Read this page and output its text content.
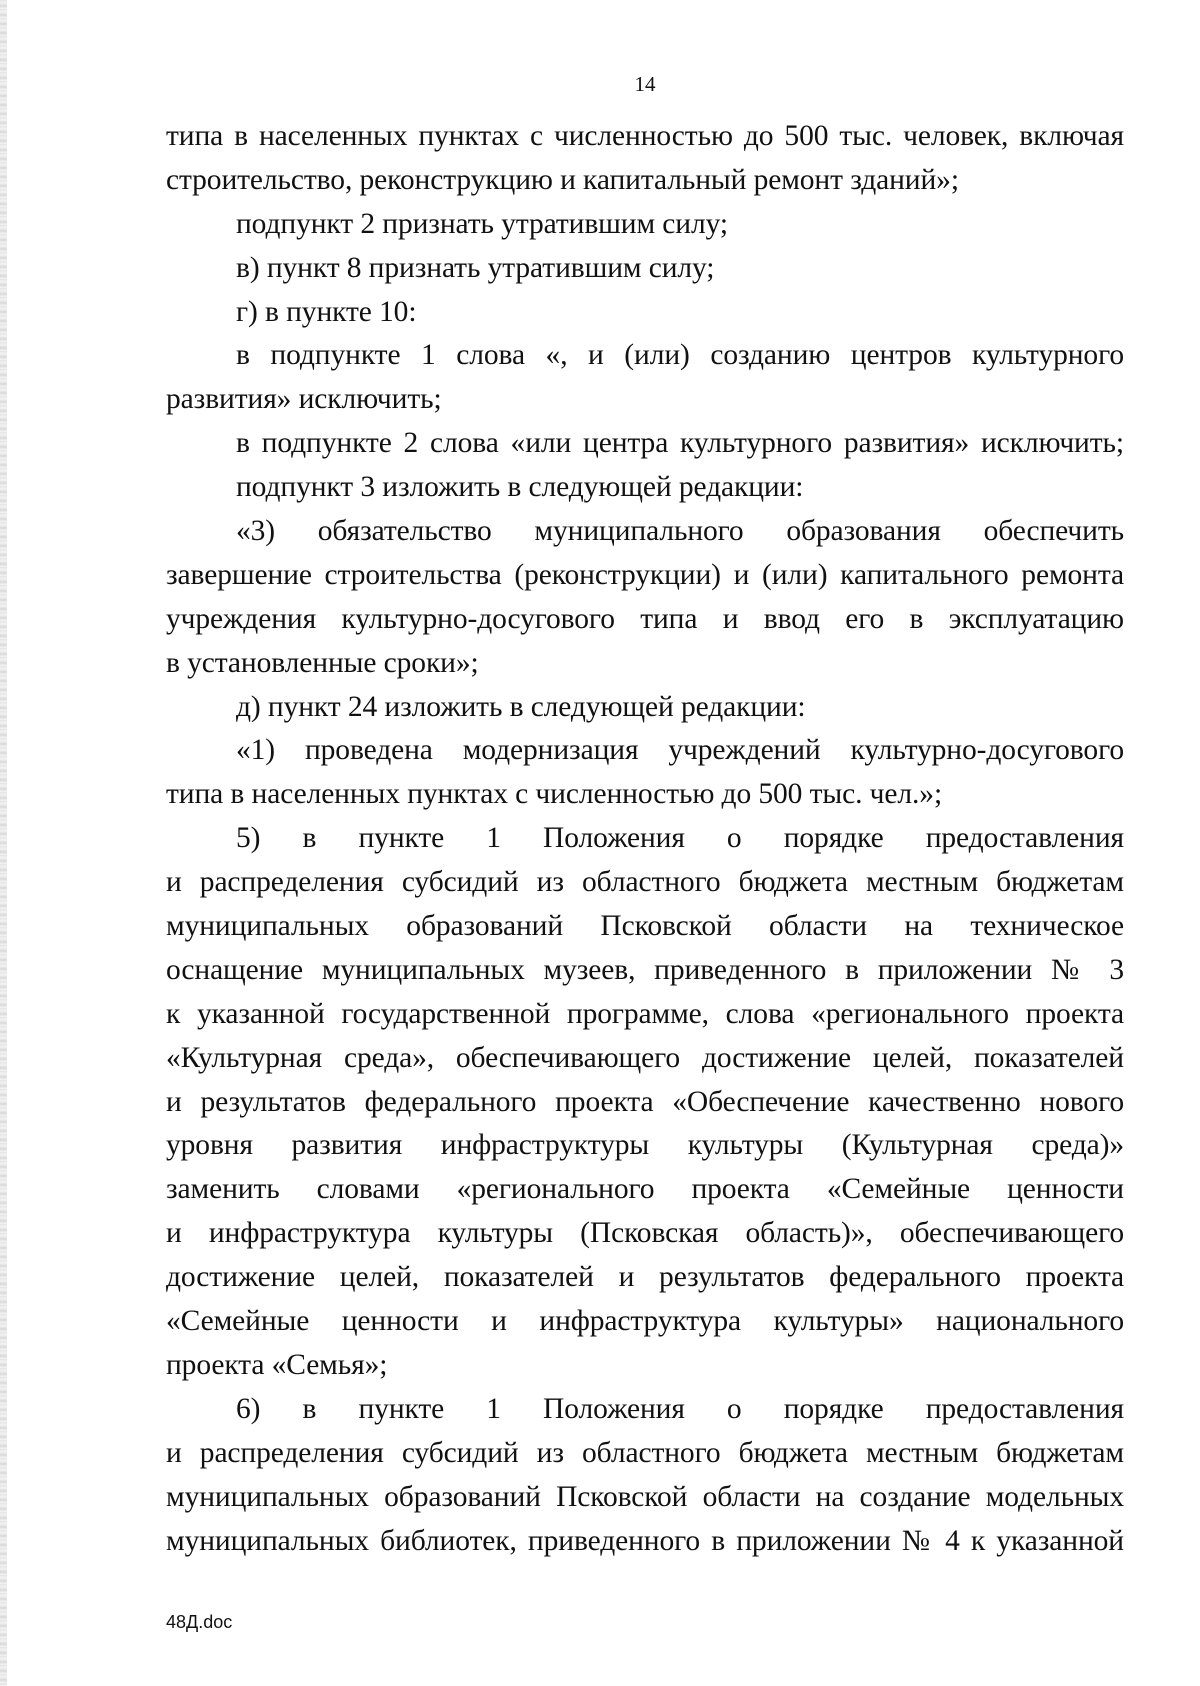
14
типа в населенных пунктах с численностью до 500 тыс. человек, включая
строительство, реконструкцию и капитальный ремонт зданий»;
подпункт 2 признать утратившим силу;
в) пункт 8 признать утратившим силу;
г) в пункте 10:
в подпункте 1 слова «, и (или) созданию центров культурного
развития» исключить;
в подпункте 2 слова «или центра культурного развития» исключить;
подпункт 3 изложить в следующей редакции:
«3) обязательство муниципального образования обеспечить
завершение строительства (реконструкции) и (или) капитального ремонта
учреждения культурно-досугового типа и ввод его в эксплуатацию
в установленные сроки»;
д) пункт 24 изложить в следующей редакции:
«1) проведена модернизация учреждений культурно-досугового
типа в населенных пунктах с численностью до 500 тыс. чел.»;
5) в пункте 1 Положения о порядке предоставления
и распределения субсидий из областного бюджета местным бюджетам
муниципальных образований Псковской области на техническое
оснащение муниципальных музеев, приведенного в приложении № 3
к указанной государственной программе, слова «регионального проекта
«Культурная среда», обеспечивающего достижение целей, показателей
и результатов федерального проекта «Обеспечение качественно нового
уровня развития инфраструктуры культуры (Культурная среда)»
заменить словами «регионального проекта «Семейные ценности
и инфраструктура культуры (Псковская область)», обеспечивающего
достижение целей, показателей и результатов федерального проекта
«Семейные ценности и инфраструктура культуры» национального
проекта «Семья»;
6) в пункте 1 Положения о порядке предоставления
и распределения субсидий из областного бюджета местным бюджетам
муниципальных образований Псковской области на создание модельных
муниципальных библиотек, приведенного в приложении № 4 к указанной
48Д.doc
